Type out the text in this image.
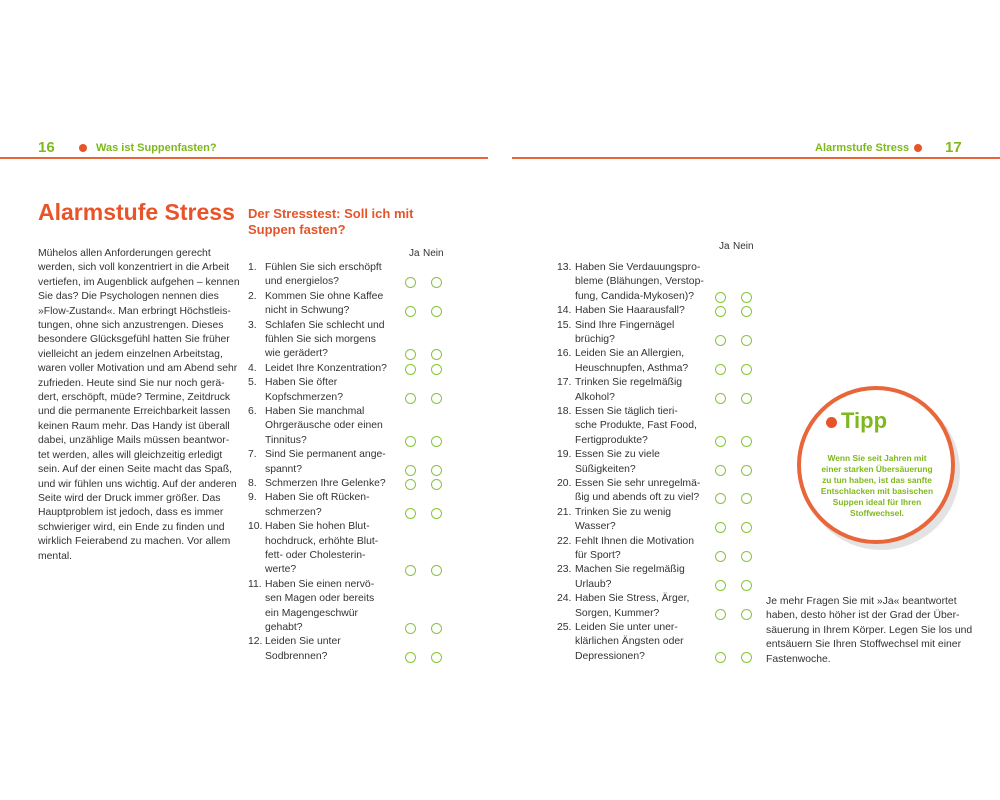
16	Was ist Suppenfasten?	Alarmstufe Stress 17
Alarmstufe Stress
Mühelos allen Anforderungen gerecht
werden, sich voll konzentriert in die Arbeit
vertiefen, im Augenblick aufgehen – kennen
Sie das? Die Psychologen nennen dies
»Flow-Zustand«. Man erbringt Höchstleis-
tungen, ohne sich anzustrengen. Dieses
besondere Glücksgefühl hatten Sie früher
vielleicht an jedem einzelnen Arbeitstag,
waren voller Motivation und am Abend sehr
zufrieden. Heute sind Sie nur noch gerä-
dert, erschöpft, müde? Termine, Zeitdruck
und die permanente Erreichbarkeit lassen
keinen Raum mehr. Das Handy ist überall
dabei, unzählige Mails müssen beantwor-
tet werden, alles will gleichzeitig erledigt
sein. Auf der einen Seite macht das Spaß,
und wir fühlen uns wichtig. Auf der anderen
Seite wird der Druck immer größer. Das
Hauptproblem ist jedoch, dass es immer
schwieriger wird, ein Ende zu finden und
wirklich Feierabend zu machen. Vor allem
mental.
Der Stresstest: Soll ich mit Suppen fasten?
Ja Nein
Ja Nein
1. Fühlen Sie sich erschöpft
und energielos?
2. Kommen Sie ohne Kaffee
nicht in Schwung?
3. Schlafen Sie schlecht und
fühlen Sie sich morgens
wie gerädert?
4. Leidet Ihre Konzentration?
5. Haben Sie öfter
Kopfschmerzen?
6. Haben Sie manchmal
Ohrgeräusche oder einen
Tinnitus?
7. Sind Sie permanent ange-
spannt?
8. Schmerzen Ihre Gelenke?
9. Haben Sie oft Rücken-
schmerzen?
10. Haben Sie hohen Blut-
hochdruck, erhöhte Blut-
fett- oder Cholesterin-
werte?
11. Haben Sie einen nervö-
sen Magen oder bereits
ein Magengeschwür
gehabt?
12. Leiden Sie unter
Sodbrennen?
13. Haben Sie Verdauungspro-
bleme (Blähungen, Verstop-
fung, Candida-Mykosen)?
14. Haben Sie Haarausfall?
15. Sind Ihre Fingernägel
brüchig?
16. Leiden Sie an Allergien,
Heuschnupfen, Asthma?
17. Trinken Sie regelmäßig
Alkohol?
18. Essen Sie täglich tieri-
sche Produkte, Fast Food,
Fertigprodukte?
19. Essen Sie zu viele
Süßigkeiten?
20. Essen Sie sehr unregelmä-
ßig und abends oft zu viel?
21. Trinken Sie zu wenig
Wasser?
22. Fehlt Ihnen die Motivation
für Sport?
23. Machen Sie regelmäßig
Urlaub?
24. Haben Sie Stress, Ärger,
Sorgen, Kummer?
25. Leiden Sie unter uner-
klärlichen Ängsten oder
Depressionen?
Tipp
Wenn Sie seit Jahren mit
einer starken Übersäuerung
zu tun haben, ist das sanfte
Entschlacken mit basischen
Suppen ideal für Ihren
Stoffwechsel.
Je mehr Fragen Sie mit »Ja« beantwortet
haben, desto höher ist der Grad der Über-
säuerung in Ihrem Körper. Legen Sie los und
entsäuern Sie Ihren Stoffwechsel mit einer
Fastenwoche.
